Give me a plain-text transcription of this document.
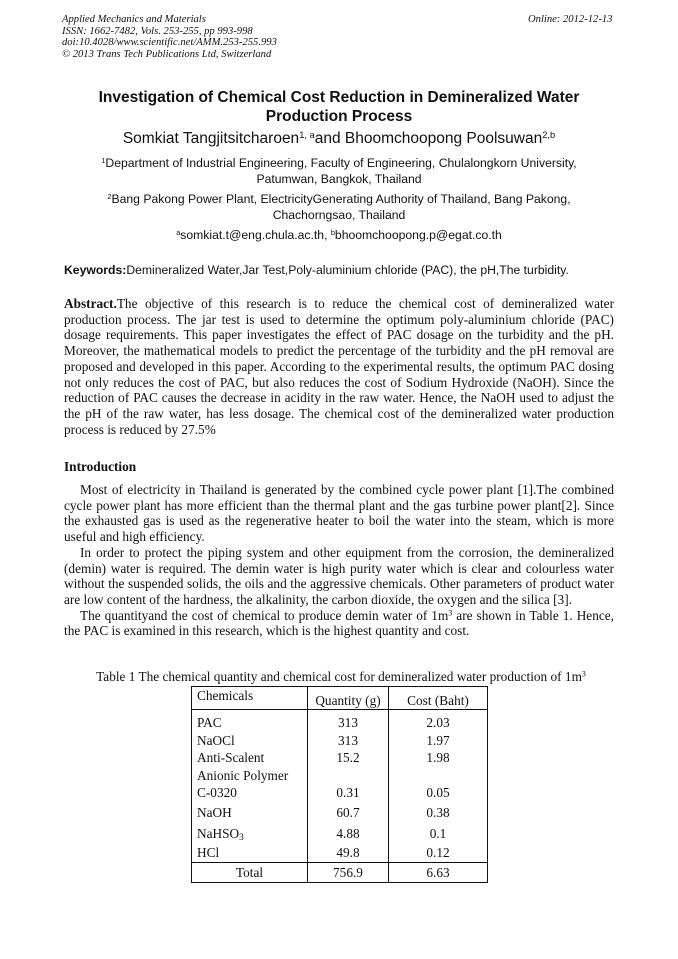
Applied Mechanics and Materials
ISSN: 1662-7482, Vols. 253-255, pp 993-998
doi:10.4028/www.scientific.net/AMM.253-255.993
© 2013 Trans Tech Publications Ltd, Switzerland
Online: 2012-12-13
Investigation of Chemical Cost Reduction in Demineralized Water
Production Process
Somkiat Tangjitsitcharoen$^{1, a}$and Bhoomchoopong Poolsuwan$^{2,b}$
$^1$Department of Industrial Engineering, Faculty of Engineering, Chulalongkorn University,
Patumwan, Bangkok, Thailand
$^2$Bang Pakong Power Plant, ElectricityGenerating Authority of Thailand, Bang Pakong,
Chachorngsao, Thailand
$^a$somkiat.t@eng.chula.ac.th, $^b$bhoomchoopong.p@egat.co.th
Keywords:Demineralized Water,Jar Test,Poly-aluminium chloride (PAC), the pH,The turbidity.

Abstract.The objective of this research is to reduce the chemical cost of demineralized water production process. The jar test is used to determine the optimum poly-aluminium chloride (PAC) dosage requirements. This paper investigates the effect of PAC dosage on the turbidity and the pH. Moreover, the mathematical models to predict the percentage of the turbidity and the pH removal are proposed and developed in this paper. According to the experimental results, the optimum PAC dosing not only reduces the cost of PAC, but also reduces the cost of Sodium Hydroxide (NaOH). Since the reduction of PAC causes the decrease in acidity in the raw water. Hence, the NaOH used to adjust the the pH of the raw water, has less dosage. The chemical cost of the demineralized water production process is reduced by 27.5%

Introduction

Most of electricity in Thailand is generated by the combined cycle power plant [1].The combined cycle power plant has more efficient than the thermal plant and the gas turbine power plant[2]. Since the exhausted gas is used as the regenerative heater to boil the water into the steam, which is more useful and high efficiency.

In order to protect the piping system and other equipment from the corrosion, the demineralized (demin) water is required. The demin water is high purity water which is clear and colourless water without the suspended solids, the oils and the aggressive chemicals. Other parameters of product water are low content of the hardness, the alkalinity, the carbon dioxide, the oxygen and the silica [3].

The quantityand the cost of chemical to produce demin water of $1m^3$ are shown in Table 1. Hence, the PAC is examined in this research, which is the highest quantity and cost.

Table 1 The chemical quantity and chemical cost for demineralized water production of $1m^3$
Chemicals	Quantity (g)	Cost (Baht)
PAC	313	2.03
NaOCl	313	1.97
Anti-Scalent	15.2	1.98
Anionic Polymer		
C-0320	0.31	0.05
NaOH	60.7	0.38
NaHSO$_3$	4.88	0.1
HCl	49.8	0.12
Total	756.9	6.63
